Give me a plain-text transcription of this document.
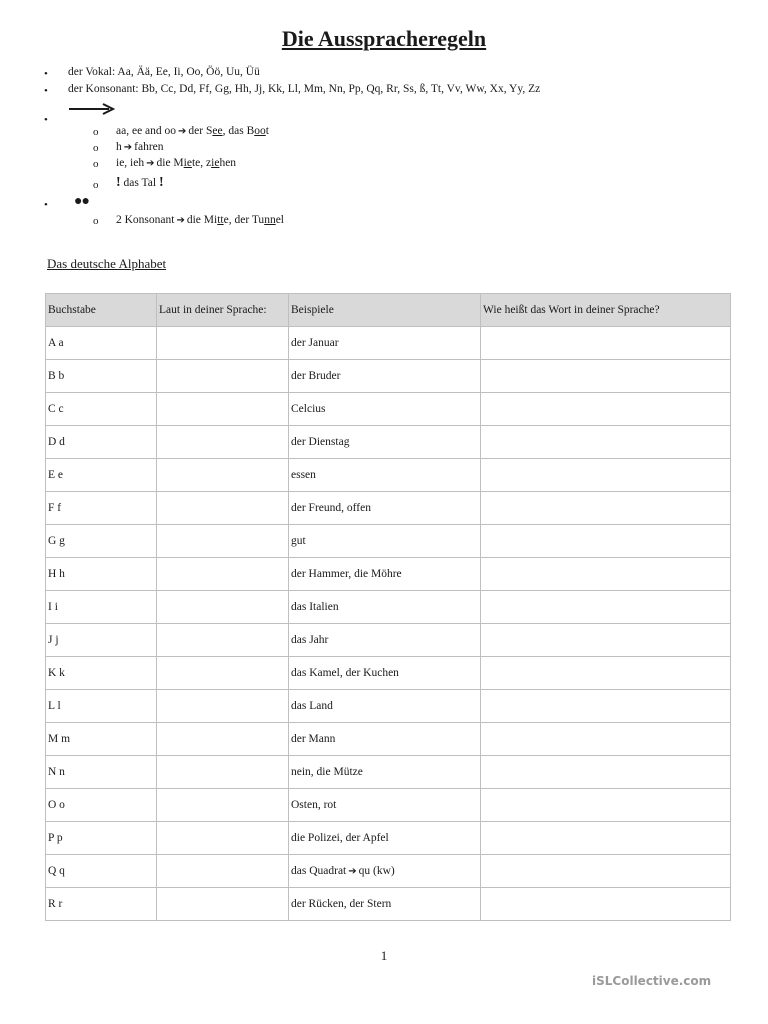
Die Ausspracheregeln
• der Vokal: Aa, Ää, Ee, Ii, Oo, Öö, Uu, Üü
• der Konsonant: Bb, Cc, Dd, Ff, Gg, Hh, Jj, Kk, Ll, Mm, Nn, Pp, Qq, Rr, Ss, ß, Tt, Vv, Ww, Xx, Yy, Zz
•
o aa, ee and oo ➔ der See, das Boot
o h ➔ fahren
o ie, ieh ➔ die Miete, ziehen
o ! das Tal !
• ●●
o 2 Konsonant ➔ die Mitte, der Tunnel
Das deutsche Alphabet
Buchstabe	Laut in deiner Sprache:	Beispiele	Wie heißt das Wort in deiner Sprache?
A a		der Januar	
B b		der Bruder	
C c		Celcius	
D d		der Dienstag	
E e		essen	
F f		der Freund, offen	
G g		gut	
H h		der Hammer, die Möhre	
I i		das Italien	
J j		das Jahr	
K k		das Kamel, der Kuchen	
L l		das Land	
M m		der Mann	
N n		nein, die Mütze	
O o		Osten, rot	
P p		die Polizei, der Apfel	
Q q		das Quadrat ➔ qu (kw)	
R r		der Rücken, der Stern	
1
iSLCollective.com
